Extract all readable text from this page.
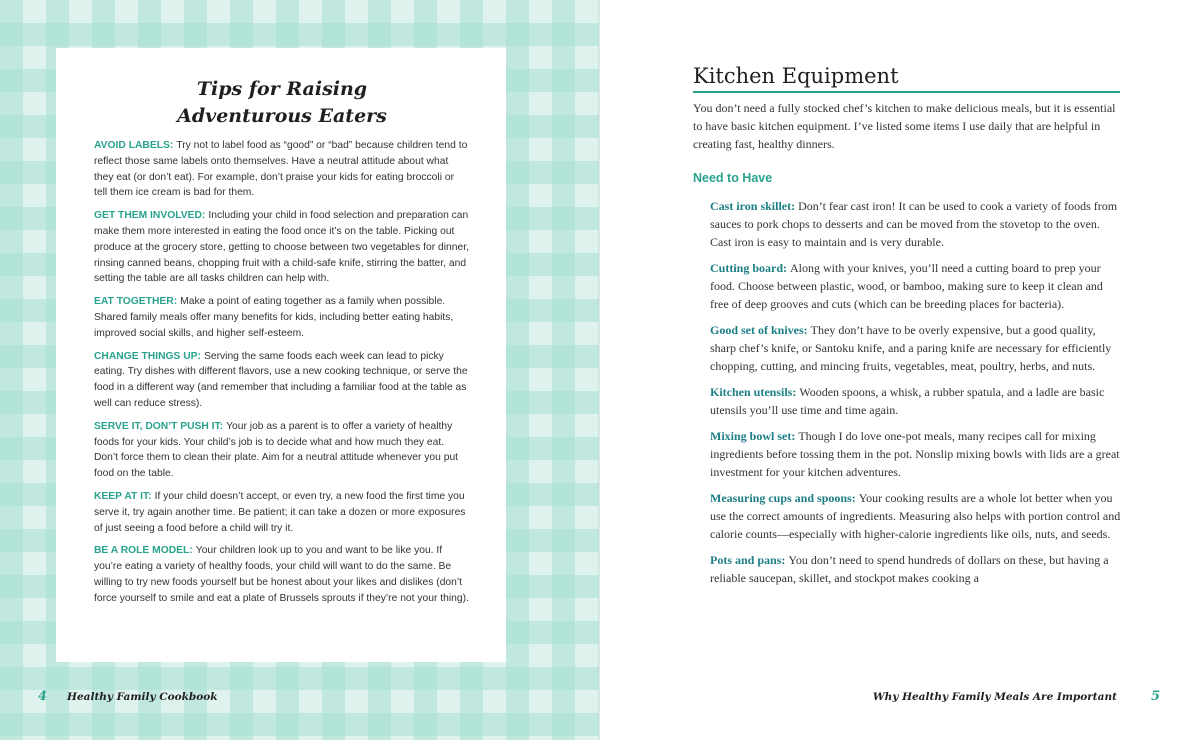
Tips for Raising
Adventurous Eaters

AVOID LABELS: Try not to label food as “good” or “bad” because children tend to reflect those same labels onto themselves. Have a neutral attitude about what they eat (or don’t eat). For example, don’t praise your kids for eating broccoli or tell them ice cream is bad for them.

GET THEM INVOLVED: Including your child in food selection and preparation can make them more interested in eating the food once it’s on the table. Picking out produce at the grocery store, getting to choose between two vegetables for dinner, rinsing canned beans, chopping fruit with a child-safe knife, stirring the batter, and setting the table are all tasks children can help with.

EAT TOGETHER: Make a point of eating together as a family when possible. Shared family meals offer many benefits for kids, including better eating habits, improved social skills, and higher self-esteem.

CHANGE THINGS UP: Serving the same foods each week can lead to picky eating. Try dishes with different flavors, use a new cooking technique, or serve the food in a different way (and remember that including a familiar food at the table as well can reduce stress).

SERVE IT, DON’T PUSH IT: Your job as a parent is to offer a variety of healthy foods for your kids. Your child’s job is to decide what and how much they eat. Don’t force them to clean their plate. Aim for a neutral attitude whenever you put food on the table.

KEEP AT IT: If your child doesn’t accept, or even try, a new food the first time you serve it, try again another time. Be patient; it can take a dozen or more exposures of just seeing a food before a child will try it.

BE A ROLE MODEL: Your children look up to you and want to be like you. If you’re eating a variety of healthy foods, your child will want to do the same. Be willing to try new foods yourself but be honest about your likes and dislikes (don’t force yourself to smile and eat a plate of Brussels sprouts if they’re not your thing).

4 Healthy Family Cookbook
Kitchen Equipment

You don’t need a fully stocked chef’s kitchen to make delicious meals, but it is essential to have basic kitchen equipment. I’ve listed some items I use daily that are helpful in creating fast, healthy dinners.

Need to Have

Cast iron skillet: Don’t fear cast iron! It can be used to cook a variety of foods from sauces to pork chops to desserts and can be moved from the stovetop to the oven. Cast iron is easy to maintain and is very durable.

Cutting board: Along with your knives, you’ll need a cutting board to prep your food. Choose between plastic, wood, or bamboo, making sure to keep it clean and free of deep grooves and cuts (which can be breeding places for bacteria).

Good set of knives: They don’t have to be overly expensive, but a good quality, sharp chef’s knife, or Santoku knife, and a paring knife are necessary for efficiently chopping, cutting, and mincing fruits, vegetables, meat, poultry, herbs, and nuts.

Kitchen utensils: Wooden spoons, a whisk, a rubber spatula, and a ladle are basic utensils you’ll use time and time again.

Mixing bowl set: Though I do love one-pot meals, many recipes call for mixing ingredients before tossing them in the pot. Nonslip mixing bowls with lids are a great investment for your kitchen adventures.

Measuring cups and spoons: Your cooking results are a whole lot better when you use the correct amounts of ingredients. Measuring also helps with portion control and calorie counts—especially with higher-calorie ingredients like oils, nuts, and seeds.

Pots and pans: You don’t need to spend hundreds of dollars on these, but having a reliable saucepan, skillet, and stockpot makes cooking a

Why Healthy Family Meals Are Important	5
